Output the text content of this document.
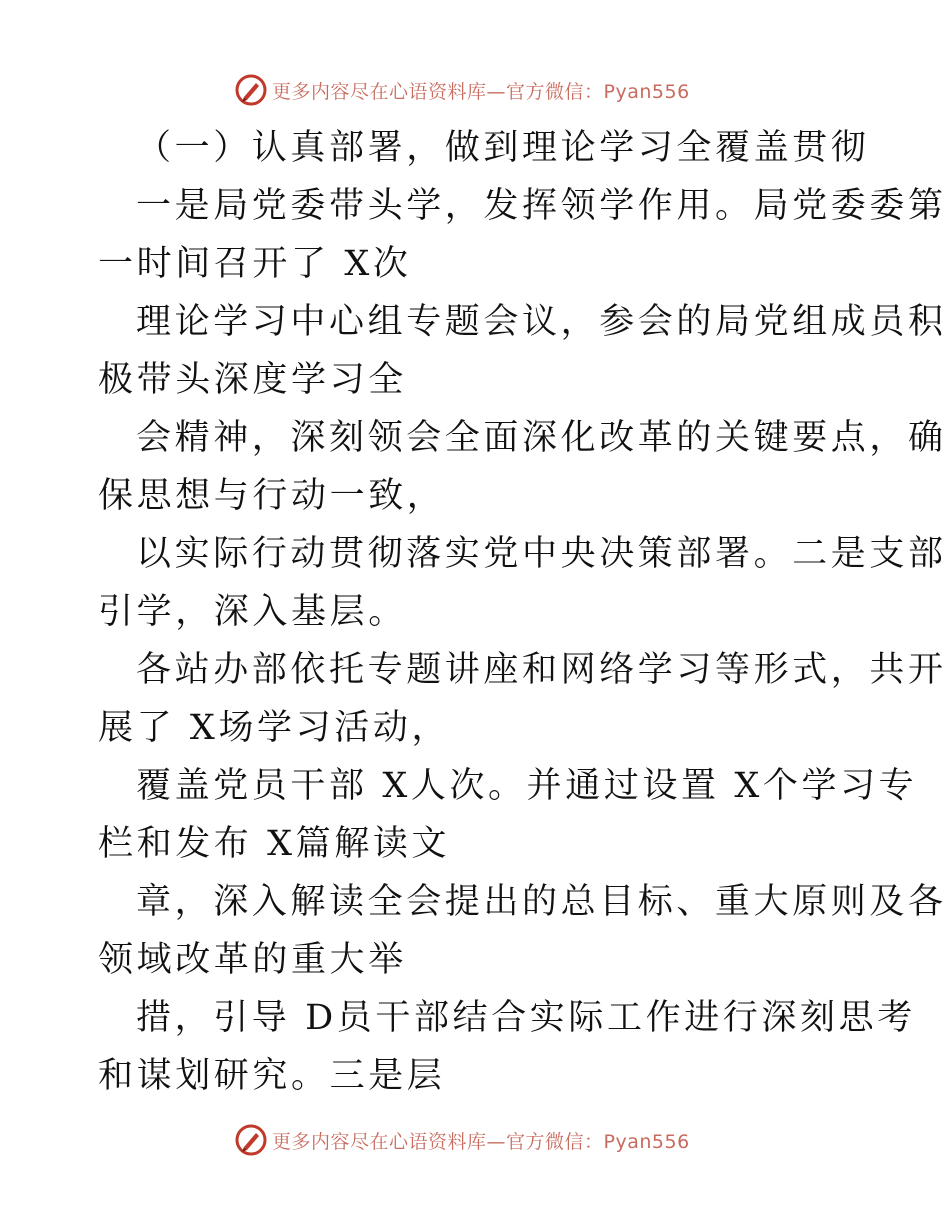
更多内容尽在心语资料库—官方微信：Pyan556
（一）认真部署，做到理论学习全覆盖贯彻
一是局党委带头学，发挥领学作用。局党委委第
一时间召开了 X次
理论学习中心组专题会议，参会的局党组成员积
极带头深度学习全
会精神，深刻领会全面深化改革的关键要点，确
保思想与行动一致，
以实际行动贯彻落实党中央决策部署。二是支部
引学，深入基层。
各站办部依托专题讲座和网络学习等形式，共开
展了 X场学习活动，
覆盖党员干部 X人次。并通过设置 X个学习专
栏和发布 X篇解读文
章，深入解读全会提出的总目标、重大原则及各
领域改革的重大举
措，引导 D员干部结合实际工作进行深刻思考
和谋划研究。三是层
更多内容尽在心语资料库—官方微信：Pyan556
